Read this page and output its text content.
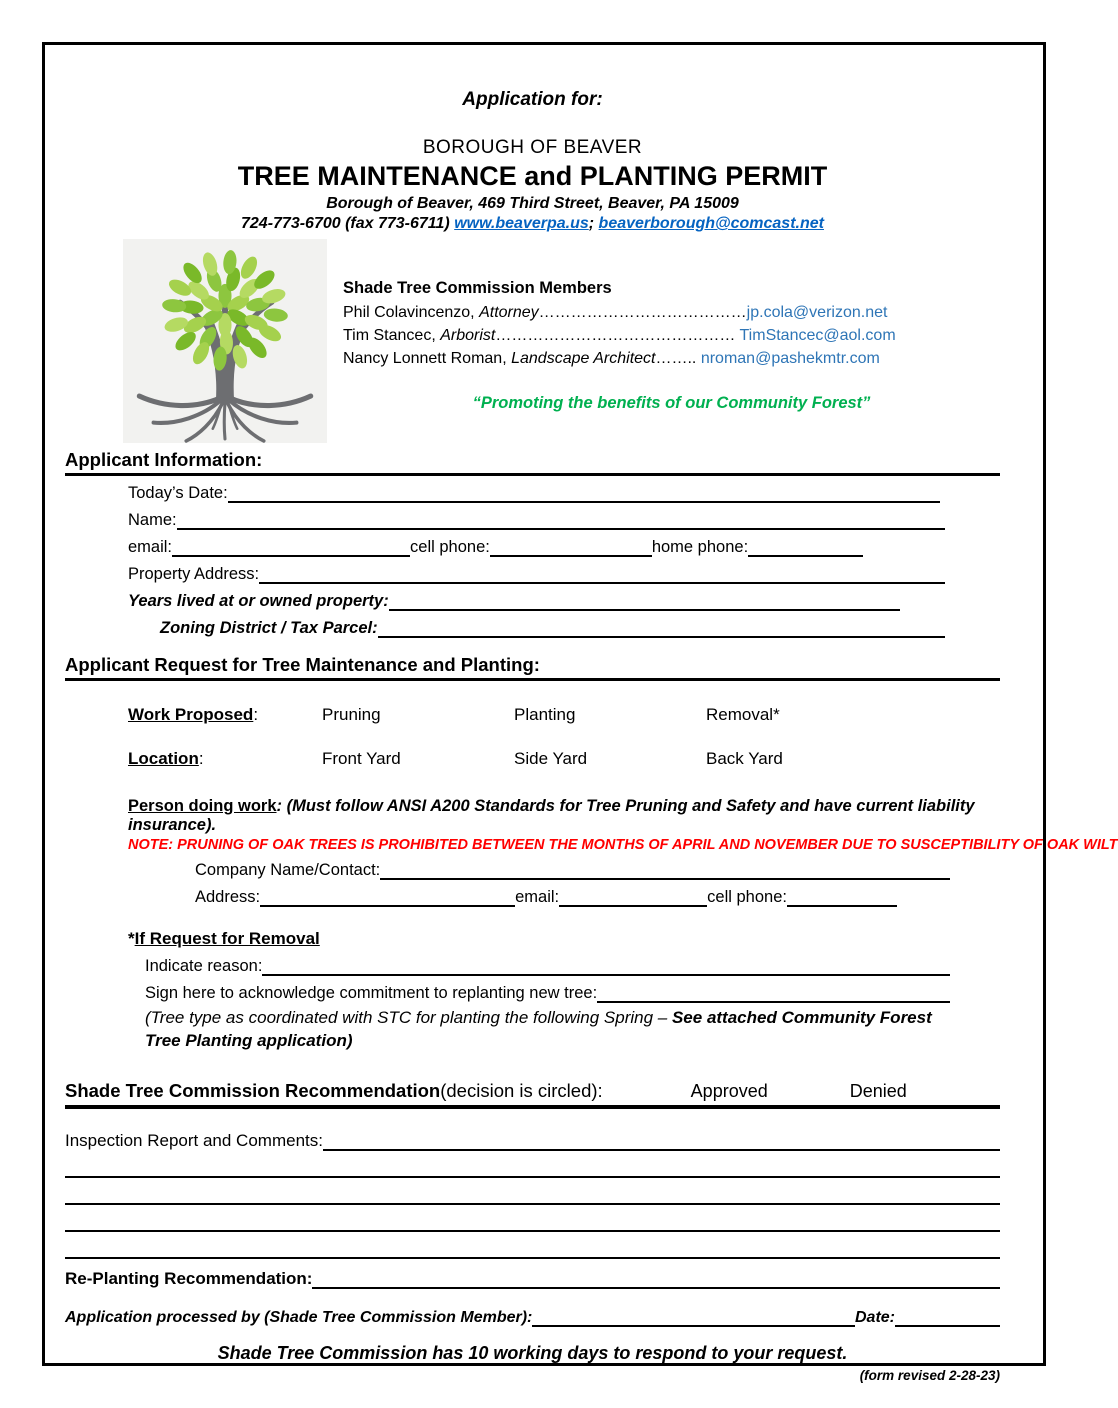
Application for:
BOROUGH OF BEAVER
TREE MAINTENANCE and PLANTING PERMIT
Borough of Beaver, 469 Third Street, Beaver, PA 15009
724-773-6700 (fax 773-6711) www.beaverpa.us; beaverborough@comcast.net
Shade Tree Commission Members
Phil Colavincenzo, Attorney…………………………………jp.cola@verizon.net
Tim Stancec, Arborist……………………………………… TimStancec@aol.com
Nancy Lonnett Roman, Landscape Architect…….. nroman@pashekmtr.com
“Promoting the benefits of our Community Forest”
Applicant Information:
Today’s Date:
Name:
email:	cell phone:	home phone:
Property Address:
Years lived at or owned property:
Zoning District / Tax Parcel:
Applicant Request for Tree Maintenance and Planting:
Work Proposed:	Pruning	Planting	Removal*
Location:	Front Yard	Side Yard	Back Yard
Person doing work: (Must follow ANSI A200 Standards for Tree Pruning and Safety and have current liability insurance).
NOTE: PRUNING OF OAK TREES IS PROHIBITED BETWEEN THE MONTHS OF APRIL AND NOVEMBER DUE TO SUSCEPTIBILITY OF OAK WILT
Company Name/Contact:
Address:	email:	cell phone:
*If Request for Removal
Indicate reason:
Sign here to acknowledge commitment to replanting new tree:
(Tree type as coordinated with STC for planting the following Spring – See attached Community Forest Tree Planting application)
Shade Tree Commission Recommendation (decision is circled):	Approved	Denied
Inspection Report and Comments:
Re-Planting Recommendation:
Application processed by (Shade Tree Commission Member):	Date:
Shade Tree Commission has 10 working days to respond to your request.
(form revised 2-28-23)
